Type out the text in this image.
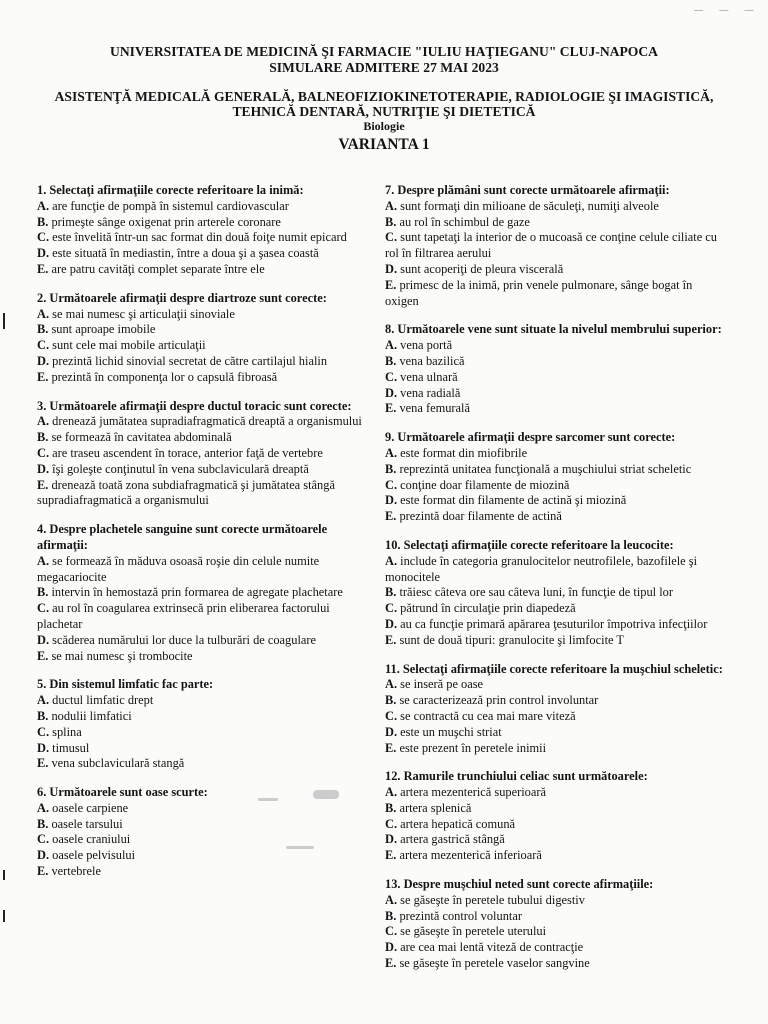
— — —
UNIVERSITATEA DE MEDICINĂ ŞI FARMACIE "IULIU HAŢIEGANU" CLUJ-NAPOCA
SIMULARE ADMITERE 27 MAI 2023
ASISTENŢĂ MEDICALĂ GENERALĂ, BALNEOFIZIOKINETOTERAPIE, RADIOLOGIE ŞI IMAGISTICĂ,
TEHNICĂ DENTARĂ, NUTRIŢIE ŞI DIETETICĂ
Biologie
VARIANTA 1
1. Selectaţi afirmaţiile corecte referitoare la inimă:
A. are funcţie de pompă în sistemul cardiovascular
B. primeşte sânge oxigenat prin arterele coronare
C. este învelită într-un sac format din două foiţe numit epicard
D. este situată în mediastin, între a doua şi a şasea coastă
E. are patru cavităţi complet separate între ele
2. Următoarele afirmaţii despre diartroze sunt corecte:
A. se mai numesc şi articulaţii sinoviale
B. sunt aproape imobile
C. sunt cele mai mobile articulaţii
D. prezintă lichid sinovial secretat de către cartilajul hialin
E. prezintă în componenţa lor o capsulă fibroasă
3. Următoarele afirmaţii despre ductul toracic sunt corecte:
A. drenează jumătatea supradiafragmatică dreaptă a organismului
B. se formează în cavitatea abdominală
C. are traseu ascendent în torace, anterior faţă de vertebre
D. îşi goleşte conţinutul în vena subclaviculară dreaptă
E. drenează toată zona subdiafragmatică şi jumătatea stângă supradiafragmatică a organismului
4. Despre plachetele sanguine sunt corecte următoarele afirmaţii:
A. se formează în măduva osoasă roşie din celule numite megacariocite
B. intervin în hemostază prin formarea de agregate plachetare
C. au rol în coagularea extrinsecă prin eliberarea factorului plachetar
D. scăderea numărului lor duce la tulburări de coagulare
E. se mai numesc şi trombocite
5. Din sistemul limfatic fac parte:
A. ductul limfatic drept
B. nodulii limfatici
C. splina
D. timusul
E. vena subclaviculară stangă
6. Următoarele sunt oase scurte:
A. oasele carpiene
B. oasele tarsului
C. oasele craniului
D. oasele pelvisului
E. vertebrele
7. Despre plămâni sunt corecte următoarele afirmaţii:
A. sunt formaţi din milioane de săculeţi, numiţi alveole
B. au rol în schimbul de gaze
C. sunt tapetaţi la interior de o mucoasă ce conţine celule ciliate cu rol în filtrarea aerului
D. sunt acoperiţi de pleura viscerală
E. primesc de la inimă, prin venele pulmonare, sânge bogat în oxigen
8. Următoarele vene sunt situate la nivelul membrului superior:
A. vena portă
B. vena bazilică
C. vena ulnară
D. vena radială
E. vena femurală
9. Următoarele afirmaţii despre sarcomer sunt corecte:
A. este format din miofibrile
B. reprezintă unitatea funcţională a muşchiului striat scheletic
C. conţine doar filamente de miozină
D. este format din filamente de actină şi miozină
E. prezintă doar filamente de actină
10. Selectaţi afirmaţiile corecte referitoare la leucocite:
A. include în categoria granulocitelor neutrofilele, bazofilele şi monocitele
B. trăiesc câteva ore sau câteva luni, în funcţie de tipul lor
C. pătrund în circulaţie prin diapedeză
D. au ca funcţie primară apărarea ţesuturilor împotriva infecţiilor
E. sunt de două tipuri: granulocite şi limfocite T
11. Selectaţi afirmaţiile corecte referitoare la muşchiul scheletic:
A. se inseră pe oase
B. se caracterizează prin control involuntar
C. se contractă cu cea mai mare viteză
D. este un muşchi striat
E. este prezent în peretele inimii
12. Ramurile trunchiului celiac sunt următoarele:
A. artera mezenterică superioară
B. artera splenică
C. artera hepatică comună
D. artera gastrică stângă
E. artera mezenterică inferioară
13. Despre muşchiul neted sunt corecte afirmaţiile:
A. se găseşte în peretele tubului digestiv
B. prezintă control voluntar
C. se găseşte în peretele uterului
D. are cea mai lentă viteză de contracţie
E. se găseşte în peretele vaselor sangvine
